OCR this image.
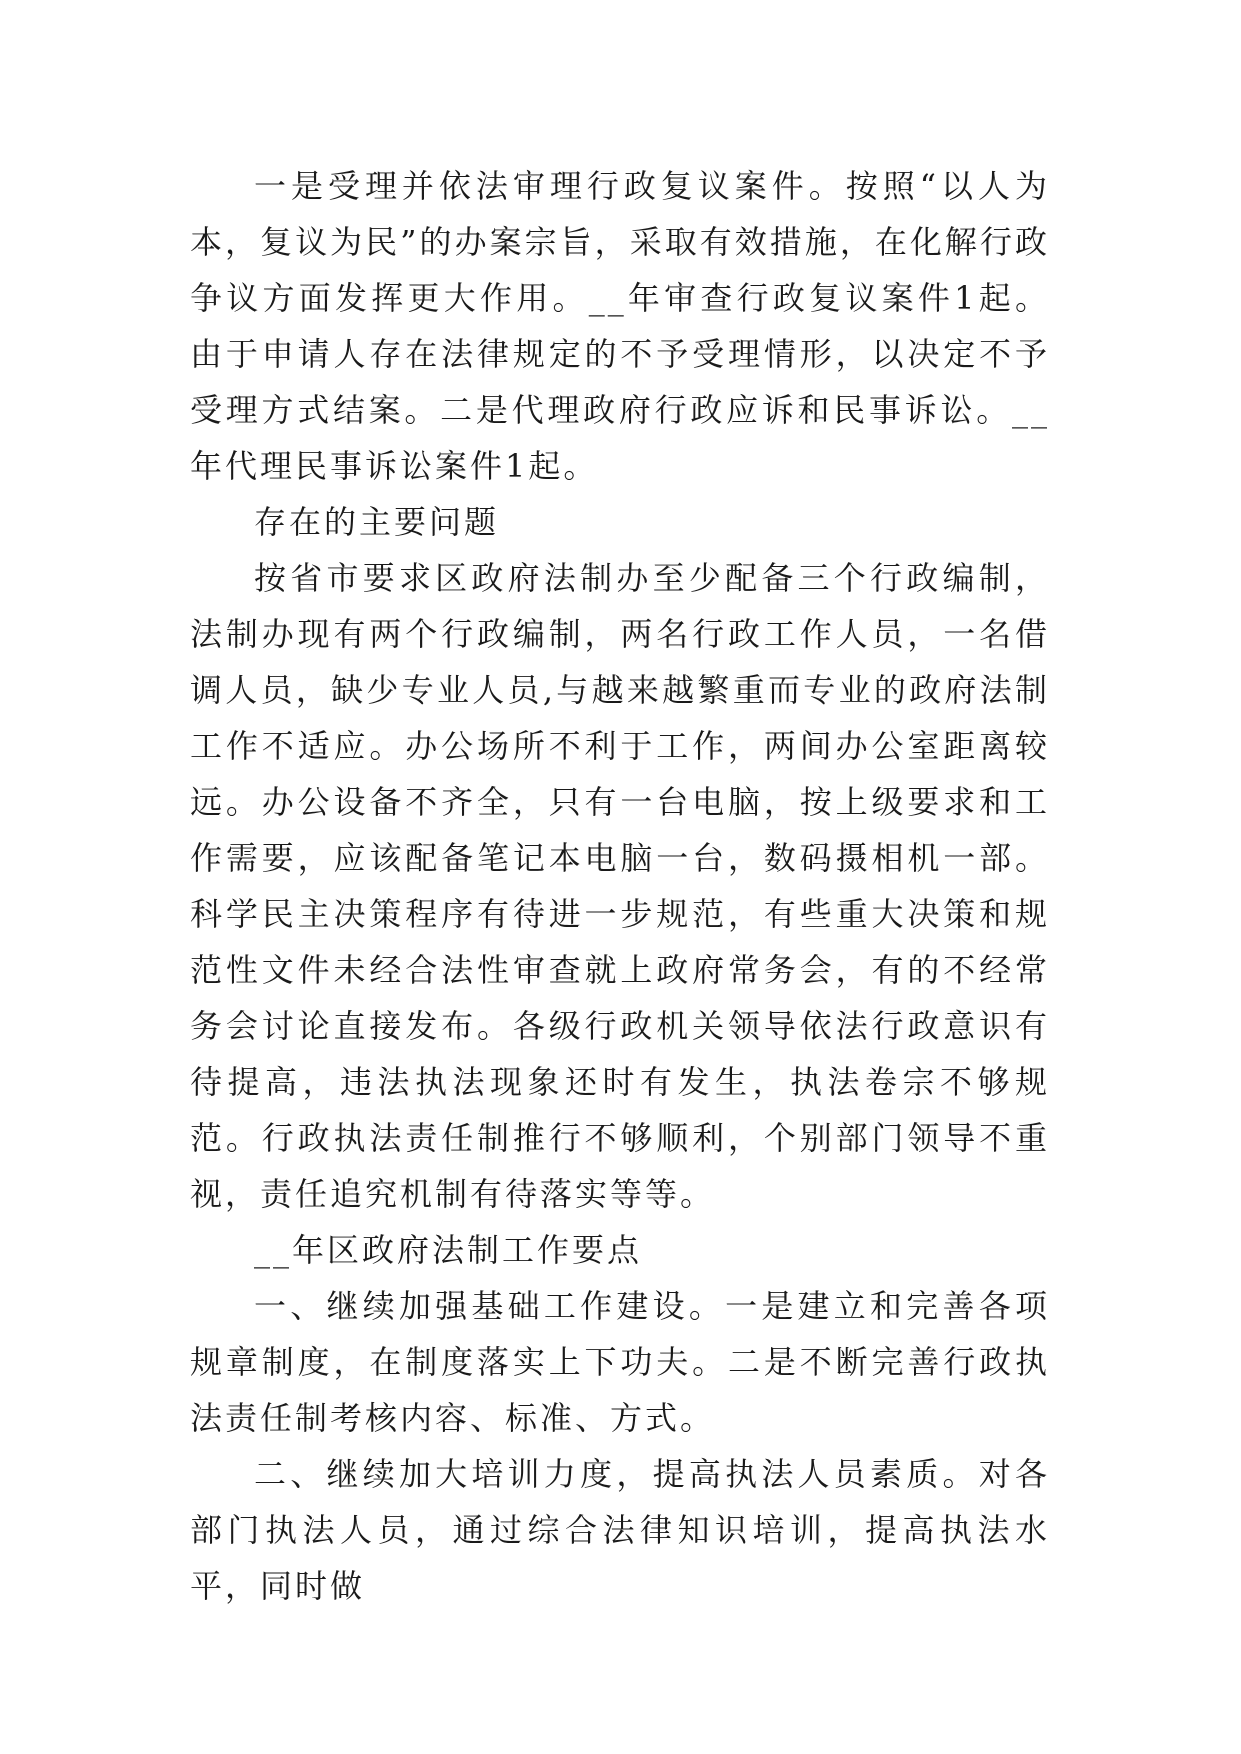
一是受理并依法审理行政复议案件。按照“以人为本，复议为民”的办案宗旨，采取有效措施，在化解行政争议方面发挥更大作用。__年审查行政复议案件1起。由于申请人存在法律规定的不予受理情形，以决定不予受理方式结案。二是代理政府行政应诉和民事诉讼。__年代理民事诉讼案件1起。

存在的主要问题

按省市要求区政府法制办至少配备三个行政编制，法制办现有两个行政编制，两名行政工作人员，一名借调人员，缺少专业人员,与越来越繁重而专业的政府法制工作不适应。办公场所不利于工作，两间办公室距离较远。办公设备不齐全，只有一台电脑，按上级要求和工作需要，应该配备笔记本电脑一台，数码摄相机一部。科学民主决策程序有待进一步规范，有些重大决策和规范性文件未经合法性审查就上政府常务会，有的不经常务会讨论直接发布。各级行政机关领导依法行政意识有待提高，违法执法现象还时有发生，执法卷宗不够规范。行政执法责任制推行不够顺利，个别部门领导不重视，责任追究机制有待落实等等。

__年区政府法制工作要点

一、继续加强基础工作建设。一是建立和完善各项规章制度，在制度落实上下功夫。二是不断完善行政执法责任制考核内容、标准、方式。

二、继续加大培训力度，提高执法人员素质。对各部门执法人员，通过综合法律知识培训，提高执法水平，同时做
